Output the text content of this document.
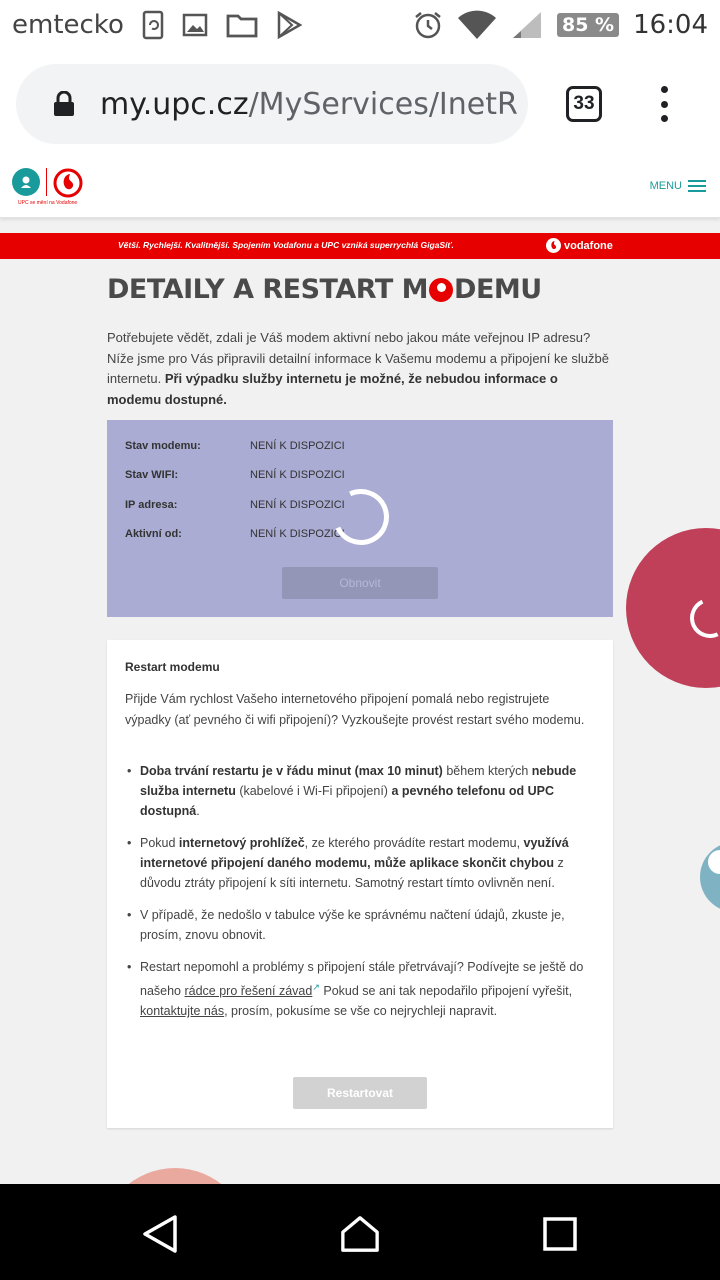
emtecko	85 % 16:04
my.upc.cz/MyServices/InetR	33
UPC se mění na Vodafone
MENU
Větší. Rychlejší. Kvalitnější. Spojením Vodafonu a UPC vzniká superrychlá GigaSíť.	vodafone
DETAILY A RESTART M DEMU

Potřebujete vědět, zdali je Váš modem aktivní nebo jakou máte veřejnou IP adresu? Níže jsme pro Vás připravili detailní informace k Vašemu modemu a připojení ke službě internetu. Při výpadku služby internetu je možné, že nebudou informace o modemu dostupné.

Stav modemu:	NENÍ K DISPOZICI
Stav WIFI:	NENÍ K DISPOZICI
IP adresa:	NENÍ K DISPOZICI
Aktivní od:	NENÍ K DISPOZICI
Obnovit
Restart modemu

Přijde Vám rychlost Vašeho internetového připojení pomalá nebo registrujete výpadky (ať pevného či wifi připojení)? Vyzkoušejte provést restart svého modemu.

• Doba trvání restartu je v řádu minut (max 10 minut) během kterých nebude služba internetu (kabelové i Wi-Fi připojení) a pevného telefonu od UPC dostupná.
• Pokud internetový prohlížeč, ze kterého provádíte restart modemu, využívá internetové připojení daného modemu, může aplikace skončit chybou z důvodu ztráty připojení k síti internetu. Samotný restart tímto ovlivněn není.
• V případě, že nedošlo v tabulce výše ke správnému načtení údajů, zkuste je, prosím, znovu obnovit.
• Restart nepomohl a problémy s připojení stále přetrvávají? Podívejte se ještě do našeho rádce pro řešení závad↗ Pokud se ani tak nepodařilo připojení vyřešit, kontaktujte nás, prosím, pokusíme se vše co nejrychleji napravit.
Restartovat
